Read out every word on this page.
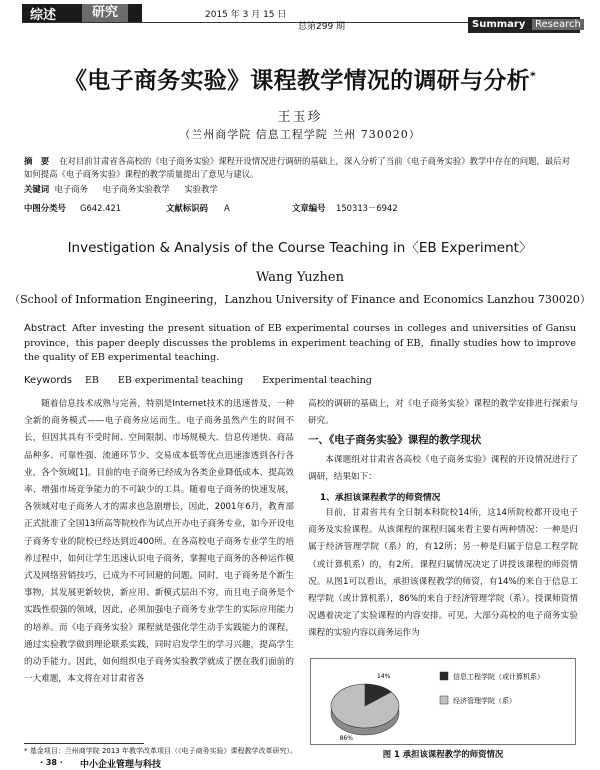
综述	研究	2015 年 3 月 15 日
总第299 期	Summary Research
《电子商务实验》课程教学情况的调研与分析*
王玉珍
（兰州商学院 信息工程学院 兰州 730020）
摘　要 在对目前甘肃省各高校的《电子商务实验》课程开设情况进行调研的基础上，深入分析了当前《电子商务实验》教学中存在的问题，最后对如何提高《电子商务实验》课程的教学质量提出了意见与建议。
关键词 电子商务 电子商务实验教学 实验教学
中图分类号 G642.421	文献标识码 A	文章编号 150313－6942
Investigation & Analysis of the Course Teaching in〈EB Experiment〉
Wang Yuzhen
（School of Information Engineering，Lanzhou University of Finance and Economics Lanzhou 730020）
Abstract After investing the present situation of EB experimental courses in colleges and universities of Gansu province，this paper deeply discusses the problems in experiment teaching of EB，finally studies how to improve the quality of EB experimental teaching.
Keywords EB EB experimental teaching Experimental teaching
随着信息技术成熟与完善，特别是Internet技术的迅速普及，一种全新的商务模式——电子商务应运而生。电子商务虽然产生的时间不长，但因其具有不受时间、空间限制、市场规模大、信息传递快、商品品种多、可靠性强、流通环节少、交易成本低等优点迅速渗透到各行各业，各个领域[1]。目前的电子商务已经成为各类企业降低成本、提高效率、增强市场竞争能力的不可缺少的工具。随着电子商务的快速发展，各领域对电子商务人才的需求也急剧增长，因此，2001年6月，教育部正式批准了全国13所高等院校作为试点开办电子商务专业，如今开设电子商务专业的院校已经达到近400所。在各高校电子商务专业学生的培养过程中，如何让学生迅速认识电子商务，掌握电子商务的各种运作模式及网络营销技巧，已成为不可回避的问题。同时，电子商务是个新生事物，其发展更新较快，新应用、新模式层出不穷，而且电子商务是个实践性很强的领域，因此，必须加强电子商务专业学生的实际应用能力的培养。而《电子商务实验》课程就是强化学生动手实践能力的课程，通过实验教学做到理论联系实践，同时启发学生的学习兴趣，提高学生的动手能力。因此，如何组织电子商务实验教学就成了摆在我们面前的一大难题，本文将在对甘肃省各
高校的调研的基础上，对《电子商务实验》课程的教学安排进行探索与研究。
一、《电子商务实验》课程的教学现状
本课题组对甘肃省各高校《电子商务实验》课程的开设情况进行了调研，结果如下：
1、承担该课程教学的师资情况
目前，甘肃省共有全日制本科院校14所，这14所院校都开设电子商务及实验课程。从该课程的课程归属来看主要有两种情况：一种是归属于经济管理学院（系）的，有12所；另一种是归属于信息工程学院（或计算机系）的，有2所。课程归属情况决定了讲授该课程的师资情况。从图1可以看出，承担该课程教学的师资，有14%的来自于信息工程学院（或计算机系），86%的来自于经济管理学院（系）。授课师资情况遇着决定了实验课程的内容安排。可见，大部分高校的电子商务实验课程的实验内容以商务运作为
14%
86%
信息工程学院（或计算机系）
经济管理学院（系）
图 1 承担该课程教学的师资情况
* 基金项目：兰州商学院 2013 年教学改革项目（《电子商务实验》课程教学改革研究）。
· 38 · 中小企业管理与科技
